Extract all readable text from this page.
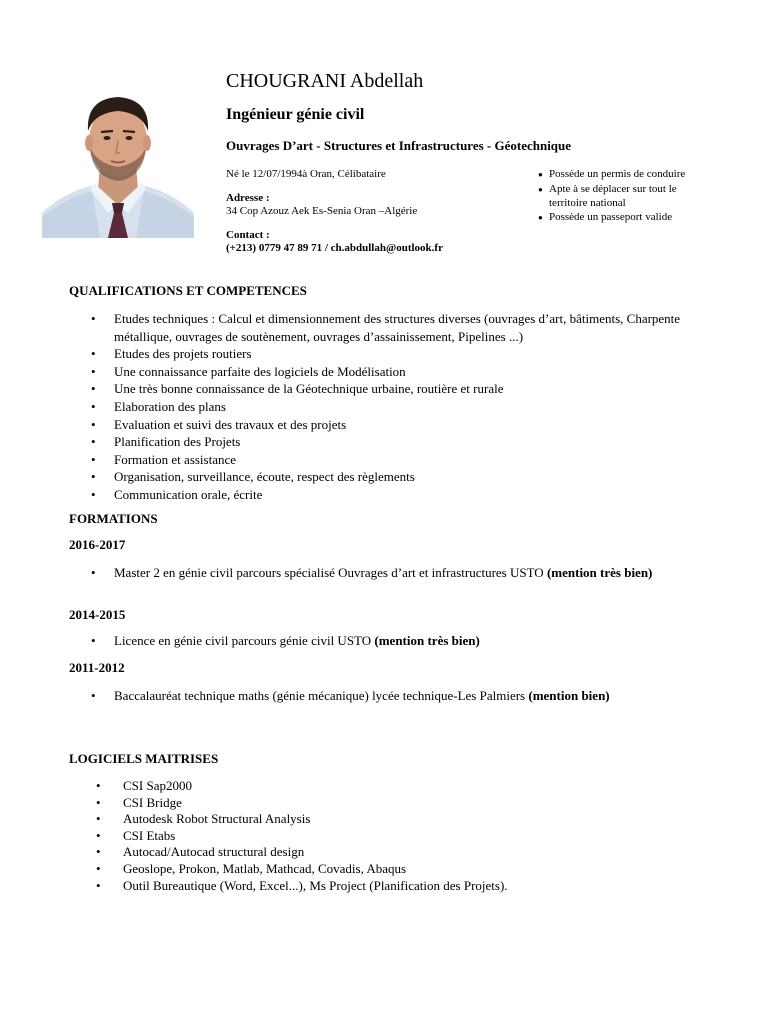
CHOUGRANI Abdellah
Ingénieur génie civil
Ouvrages D’art - Structures et Infrastructures - Géotechnique
Né le 12/07/1994à Oran, Célibataire
Adresse :
34 Cop Azouz Aek Es-Senia Oran –Algérie
Contact :
(+213) 0779 47 89 71 / ch.abdullah@outlook.fr
● Possède un permis de conduire
● Apte à se déplacer sur tout le
territoire national
● Possède un passeport valide
QUALIFICATIONS ET COMPETENCES
• Etudes techniques : Calcul et dimensionnement des structures diverses (ouvrages d’art, bâtiments, Charpente métallique, ouvrages de soutènement, ouvrages d’assainissement, Pipelines ...)
• Etudes des projets routiers
• Une connaissance parfaite des logiciels de Modélisation
• Une très bonne connaissance de la Géotechnique urbaine, routière et rurale
• Elaboration des plans
• Evaluation et suivi des travaux et des projets
• Planification des Projets
• Formation et assistance
• Organisation, surveillance, écoute, respect des règlements
• Communication orale, écrite
FORMATIONS
2016-2017
• Master 2 en génie civil parcours spécialisé Ouvrages d’art et infrastructures USTO (mention très bien)
2014-2015
• Licence en génie civil parcours génie civil USTO (mention très bien)
2011-2012
• Baccalauréat technique maths (génie mécanique) lycée technique-Les Palmiers (mention bien)
LOGICIELS MAITRISES
• CSI Sap2000
• CSI Bridge
• Autodesk Robot Structural Analysis
• CSI Etabs
• Autocad/Autocad structural design
• Geoslope, Prokon, Matlab, Mathcad, Covadis, Abaqus
• Outil Bureautique (Word, Excel...), Ms Project (Planification des Projets).
